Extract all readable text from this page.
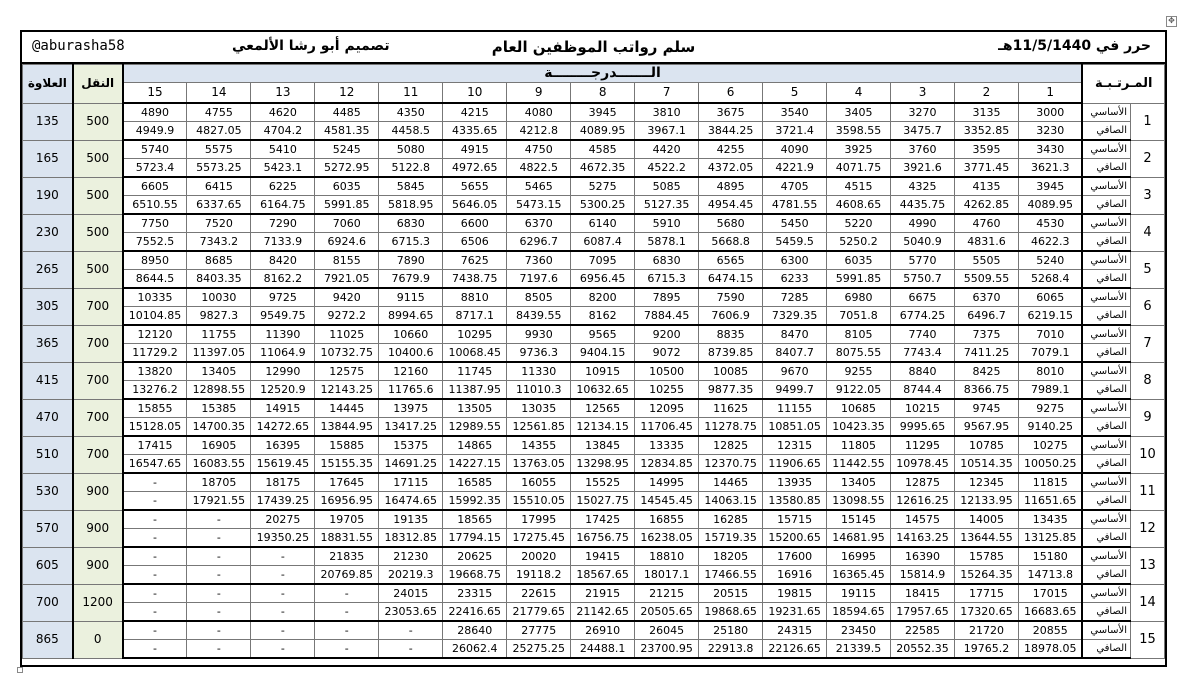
✥
سلم رواتب الموظفين العام	حرر في 11/5/1440هـ
تصميم أبو رشا الألمعي
@aburasha58
المـرتـبـة		الـــــــدرجــــــــة															النقل	العلاوة
		1	2	3	4	5	6	7	8	9	10	11	12	13	14	15		
1	الأساسي	3000	3135	3270	3405	3540	3675	3810	3945	4080	4215	4350	4485	4620	4755	4890	500	135
	الصافي	3230	3352.85	3475.7	3598.55	3721.4	3844.25	3967.1	4089.95	4212.8	4335.65	4458.5	4581.35	4704.2	4827.05	4949.9		
2	الأساسي	3430	3595	3760	3925	4090	4255	4420	4585	4750	4915	5080	5245	5410	5575	5740	500	165
	الصافي	3621.3	3771.45	3921.6	4071.75	4221.9	4372.05	4522.2	4672.35	4822.5	4972.65	5122.8	5272.95	5423.1	5573.25	5723.4		
3	الأساسي	3945	4135	4325	4515	4705	4895	5085	5275	5465	5655	5845	6035	6225	6415	6605	500	190
	الصافي	4089.95	4262.85	4435.75	4608.65	4781.55	4954.45	5127.35	5300.25	5473.15	5646.05	5818.95	5991.85	6164.75	6337.65	6510.55		
4	الأساسي	4530	4760	4990	5220	5450	5680	5910	6140	6370	6600	6830	7060	7290	7520	7750	500	230
	الصافي	4622.3	4831.6	5040.9	5250.2	5459.5	5668.8	5878.1	6087.4	6296.7	6506	6715.3	6924.6	7133.9	7343.2	7552.5		
5	الأساسي	5240	5505	5770	6035	6300	6565	6830	7095	7360	7625	7890	8155	8420	8685	8950	500	265
	الصافي	5268.4	5509.55	5750.7	5991.85	6233	6474.15	6715.3	6956.45	7197.6	7438.75	7679.9	7921.05	8162.2	8403.35	8644.5		
6	الأساسي	6065	6370	6675	6980	7285	7590	7895	8200	8505	8810	9115	9420	9725	10030	10335	700	305
	الصافي	6219.15	6496.7	6774.25	7051.8	7329.35	7606.9	7884.45	8162	8439.55	8717.1	8994.65	9272.2	9549.75	9827.3	10104.85		
7	الأساسي	7010	7375	7740	8105	8470	8835	9200	9565	9930	10295	10660	11025	11390	11755	12120	700	365
	الصافي	7079.1	7411.25	7743.4	8075.55	8407.7	8739.85	9072	9404.15	9736.3	10068.45	10400.6	10732.75	11064.9	11397.05	11729.2		
8	الأساسي	8010	8425	8840	9255	9670	10085	10500	10915	11330	11745	12160	12575	12990	13405	13820	700	415
	الصافي	7989.1	8366.75	8744.4	9122.05	9499.7	9877.35	10255	10632.65	11010.3	11387.95	11765.6	12143.25	12520.9	12898.55	13276.2		
9	الأساسي	9275	9745	10215	10685	11155	11625	12095	12565	13035	13505	13975	14445	14915	15385	15855	700	470
	الصافي	9140.25	9567.95	9995.65	10423.35	10851.05	11278.75	11706.45	12134.15	12561.85	12989.55	13417.25	13844.95	14272.65	14700.35	15128.05		
10	الأساسي	10275	10785	11295	11805	12315	12825	13335	13845	14355	14865	15375	15885	16395	16905	17415	700	510
	الصافي	10050.25	10514.35	10978.45	11442.55	11906.65	12370.75	12834.85	13298.95	13763.05	14227.15	14691.25	15155.35	15619.45	16083.55	16547.65		
11	الأساسي	11815	12345	12875	13405	13935	14465	14995	15525	16055	16585	17115	17645	18175	18705	-	900	530
	الصافي	11651.65	12133.95	12616.25	13098.55	13580.85	14063.15	14545.45	15027.75	15510.05	15992.35	16474.65	16956.95	17439.25	17921.55	-		
12	الأساسي	13435	14005	14575	15145	15715	16285	16855	17425	17995	18565	19135	19705	20275	-	-	900	570
	الصافي	13125.85	13644.55	14163.25	14681.95	15200.65	15719.35	16238.05	16756.75	17275.45	17794.15	18312.85	18831.55	19350.25	-	-		
13	الأساسي	15180	15785	16390	16995	17600	18205	18810	19415	20020	20625	21230	21835	-	-	-	900	605
	الصافي	14713.8	15264.35	15814.9	16365.45	16916	17466.55	18017.1	18567.65	19118.2	19668.75	20219.3	20769.85	-	-	-		
14	الأساسي	17015	17715	18415	19115	19815	20515	21215	21915	22615	23315	24015	-	-	-	-	1200	700
	الصافي	16683.65	17320.65	17957.65	18594.65	19231.65	19868.65	20505.65	21142.65	21779.65	22416.65	23053.65	-	-	-	-		
15	الأساسي	20855	21720	22585	23450	24315	25180	26045	26910	27775	28640	-	-	-	-	-	0	865
	الصافي	18978.05	19765.2	20552.35	21339.5	22126.65	22913.8	23700.95	24488.1	25275.25	26062.4	-	-	-	-	-		
